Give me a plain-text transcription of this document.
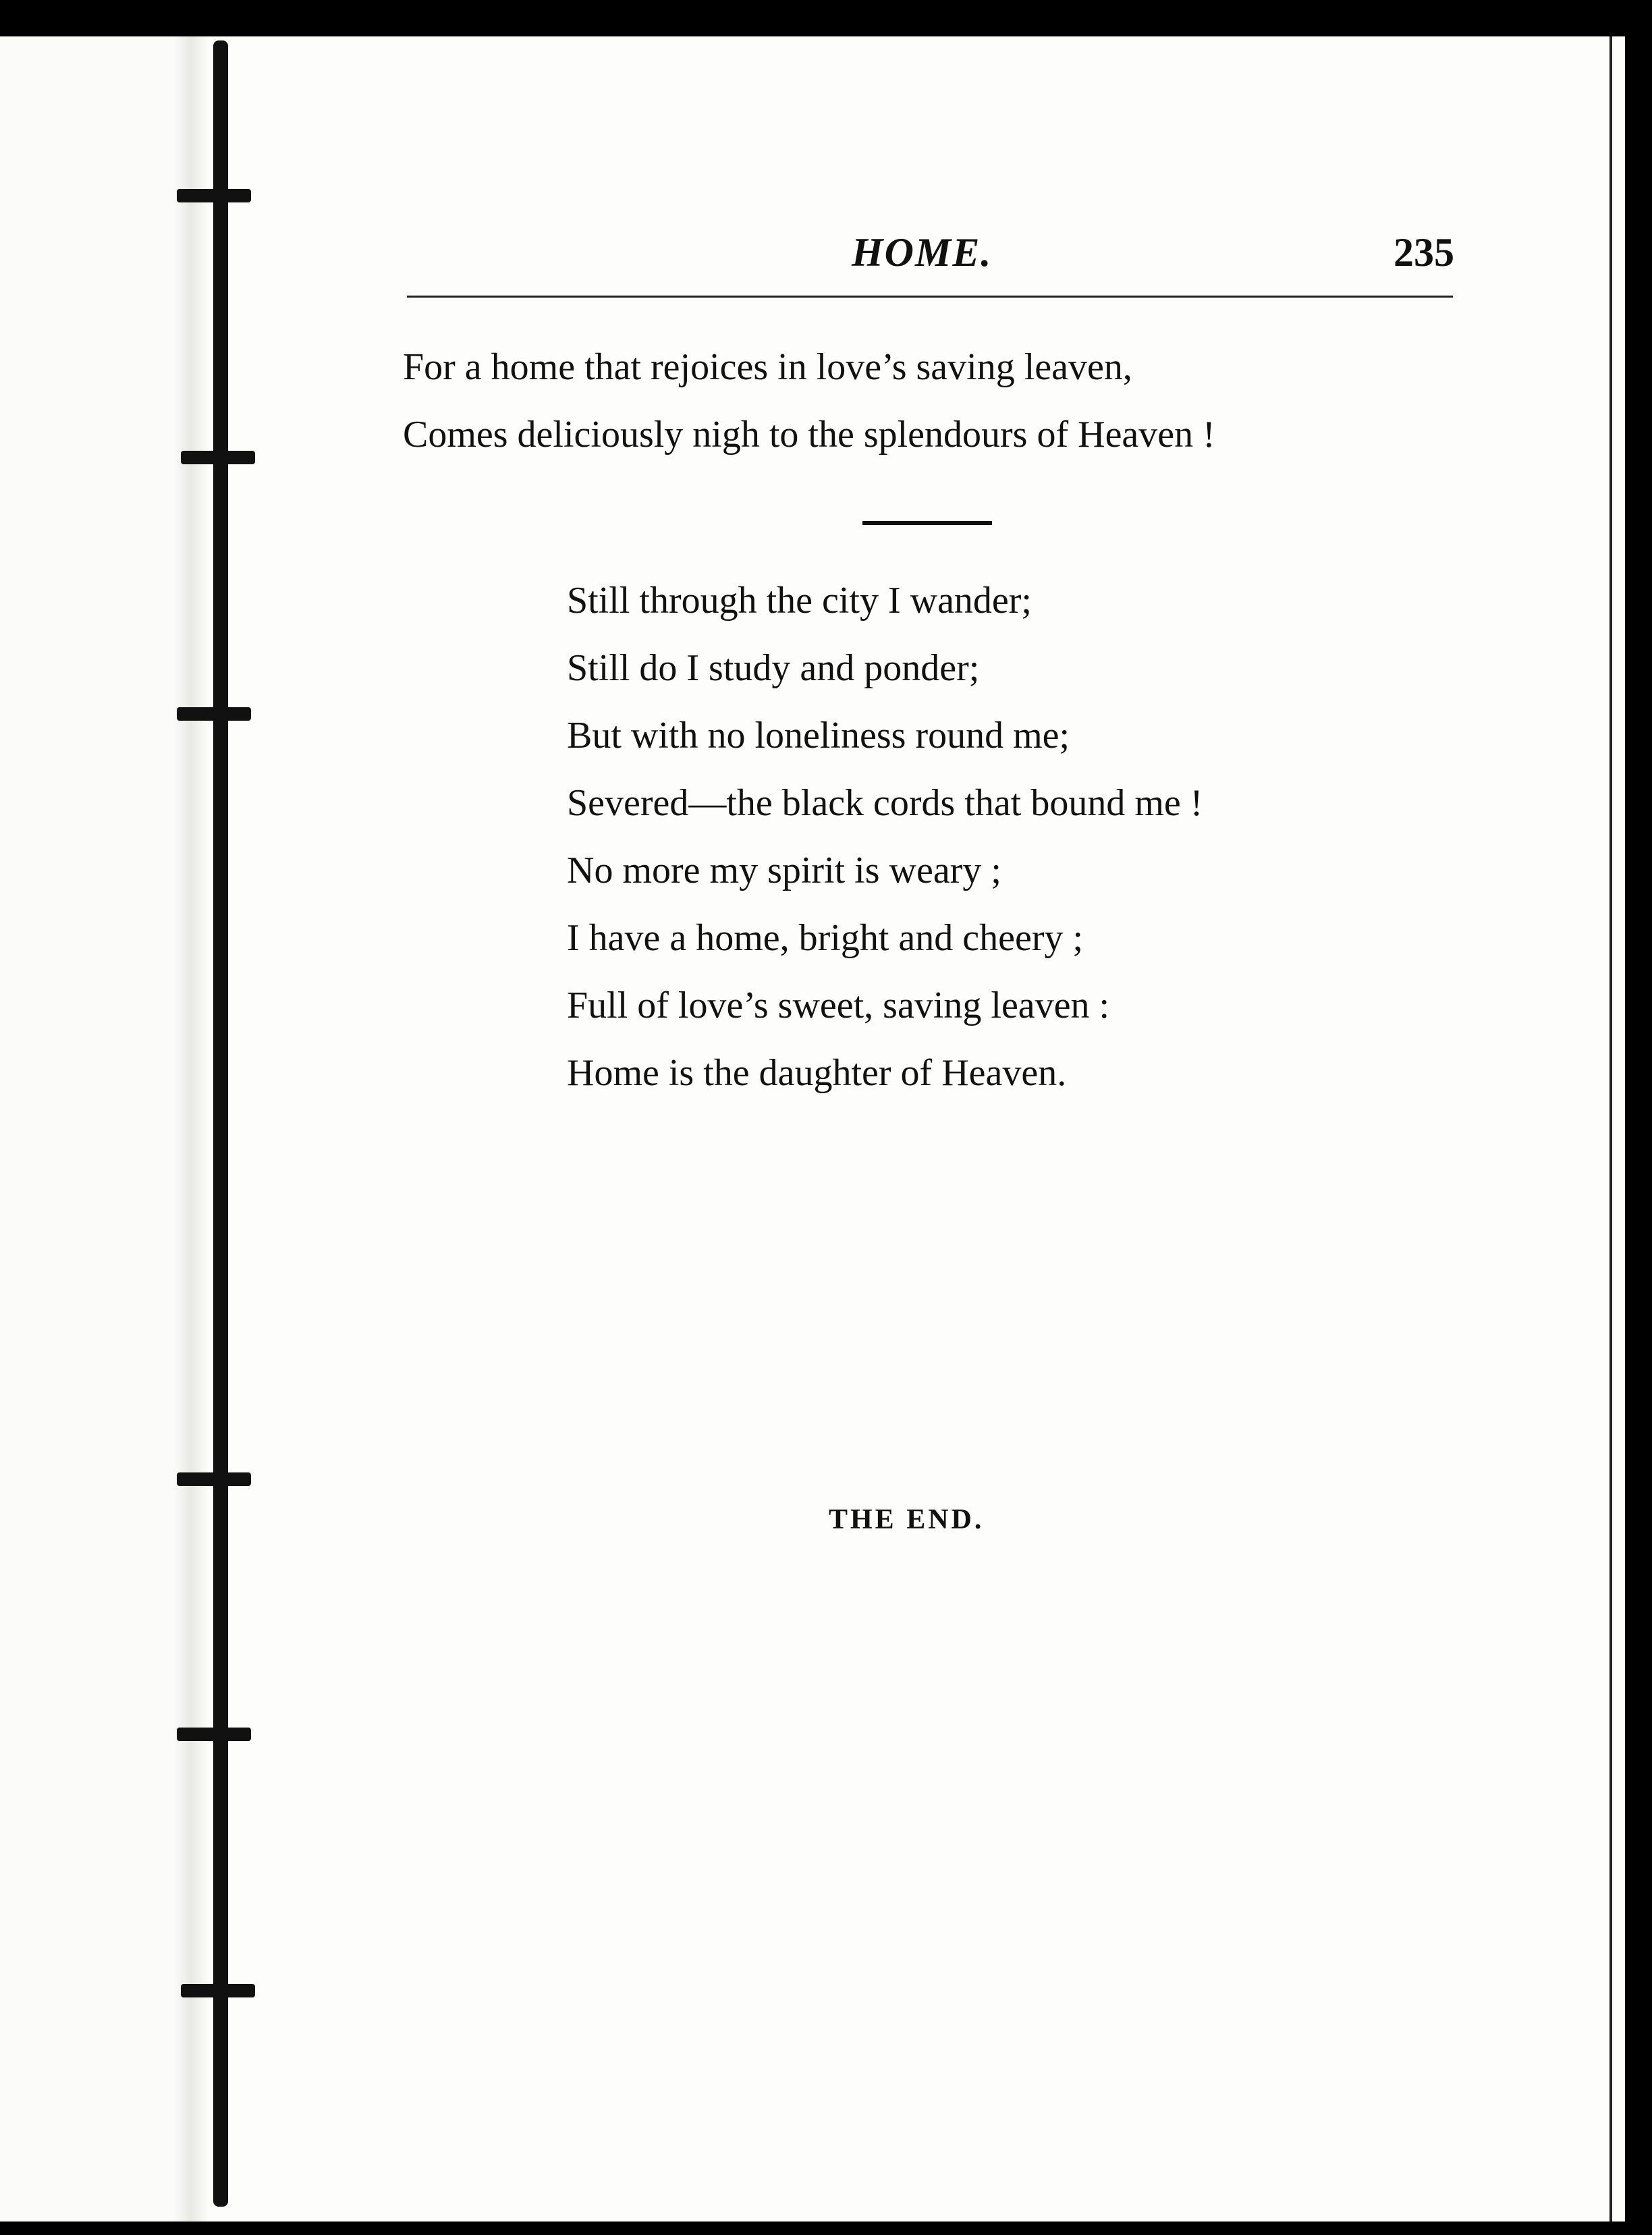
HOME.	235
For a home that rejoices in love’s saving leaven,
Comes deliciously nigh to the splendours of Heaven !
Still through the city I wander;
Still do I study and ponder;
But with no loneliness round me;
Severed—the black cords that bound me !
No more my spirit is weary ;
I have a home, bright and cheery ;
Full of love’s sweet, saving leaven :
Home is the daughter of Heaven.
THE END.
